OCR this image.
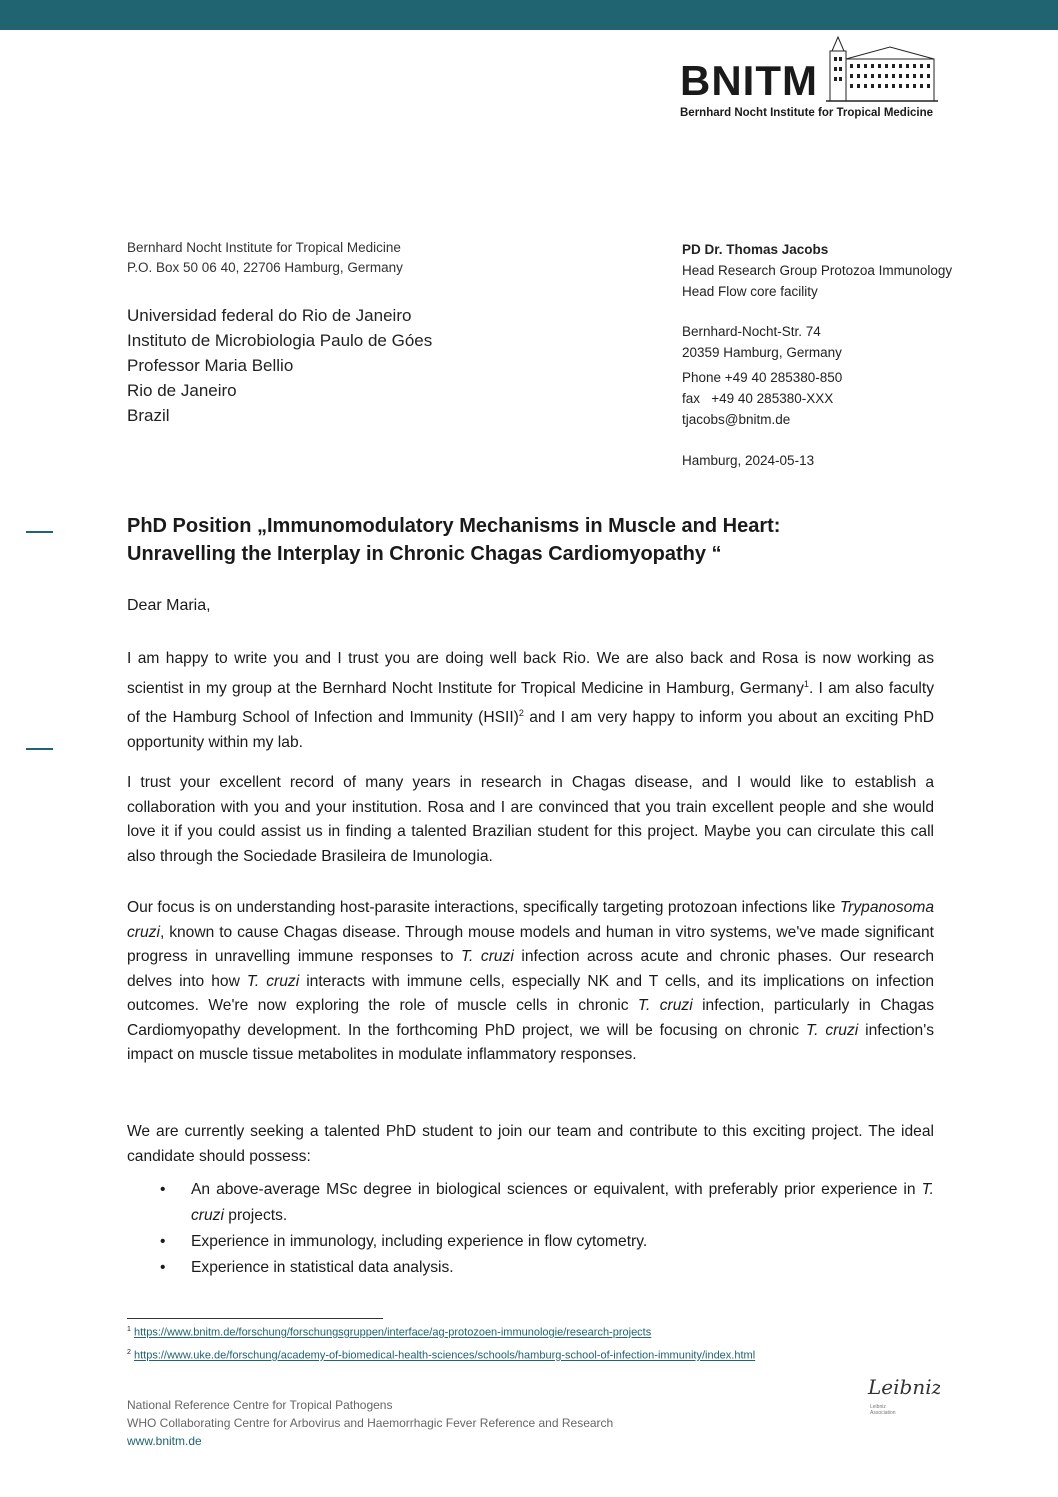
BNITM
Bernhard Nocht Institute for Tropical Medicine
Bernhard Nocht Institute for Tropical Medicine
P.O. Box 50 06 40, 22706 Hamburg, Germany
Universidad federal do Rio de Janeiro
Instituto de Microbiologia Paulo de Góes
Professor Maria Bellio
Rio de Janeiro
Brazil
PD Dr. Thomas Jacobs
Head Research Group Protozoa Immunology
Head Flow core facility
Bernhard-Nocht-Str. 74
20359 Hamburg, Germany
Phone +49 40 285380-850
fax   +49 40 285380-XXX
tjacobs@bnitm.de
Hamburg, 2024-05-13
PhD Position „Immunomodulatory Mechanisms in Muscle and Heart:
Unravelling the Interplay in Chronic Chagas Cardiomyopathy “
Dear Maria,

I am happy to write you and I trust you are doing well back Rio. We are also back and Rosa is now working as scientist in my group at the Bernhard Nocht Institute for Tropical Medicine in Hamburg, Germany$^1$. I am also faculty of the Hamburg School of Infection and Immunity (HSII)$^2$ and I am very happy to inform you about an exciting PhD opportunity within my lab.

I trust your excellent record of many years in research in Chagas disease, and I would like to establish a collaboration with you and your institution. Rosa and I are convinced that you train excellent people and she would love it if you could assist us in finding a talented Brazilian student for this project. Maybe you can circulate this call also through the Sociedade Brasileira de Imunologia.

Our focus is on understanding host-parasite interactions, specifically targeting protozoan infections like Trypanosoma cruzi, known to cause Chagas disease. Through mouse models and human in vitro systems, we've made significant progress in unravelling immune responses to T. cruzi infection across acute and chronic phases. Our research delves into how T. cruzi interacts with immune cells, especially NK and T cells, and its implications on infection outcomes. We're now exploring the role of muscle cells in chronic T. cruzi infection, particularly in Chagas Cardiomyopathy development. In the forthcoming PhD project, we will be focusing on chronic T. cruzi infection's impact on muscle tissue metabolites in modulate inflammatory responses.

We are currently seeking a talented PhD student to join our team and contribute to this exciting project. The ideal candidate should possess:

• An above-average MSc degree in biological sciences or equivalent, with preferably prior experience in T. cruzi projects.
• Experience in immunology, including experience in flow cytometry.
• Experience in statistical data analysis.
$^1$ https://www.bnitm.de/forschung/forschungsgruppen/interface/ag-protozoen-immunologie/research-projects
$^2$ https://www.uke.de/forschung/academy-of-biomedical-health-sciences/schools/hamburg-school-of-infection-immunity/index.html
National Reference Centre for Tropical Pathogens
WHO Collaborating Centre for Arbovirus and Haemorrhagic Fever Reference and Research
www.bnitm.de
Leibniz
Leibniz
Association
